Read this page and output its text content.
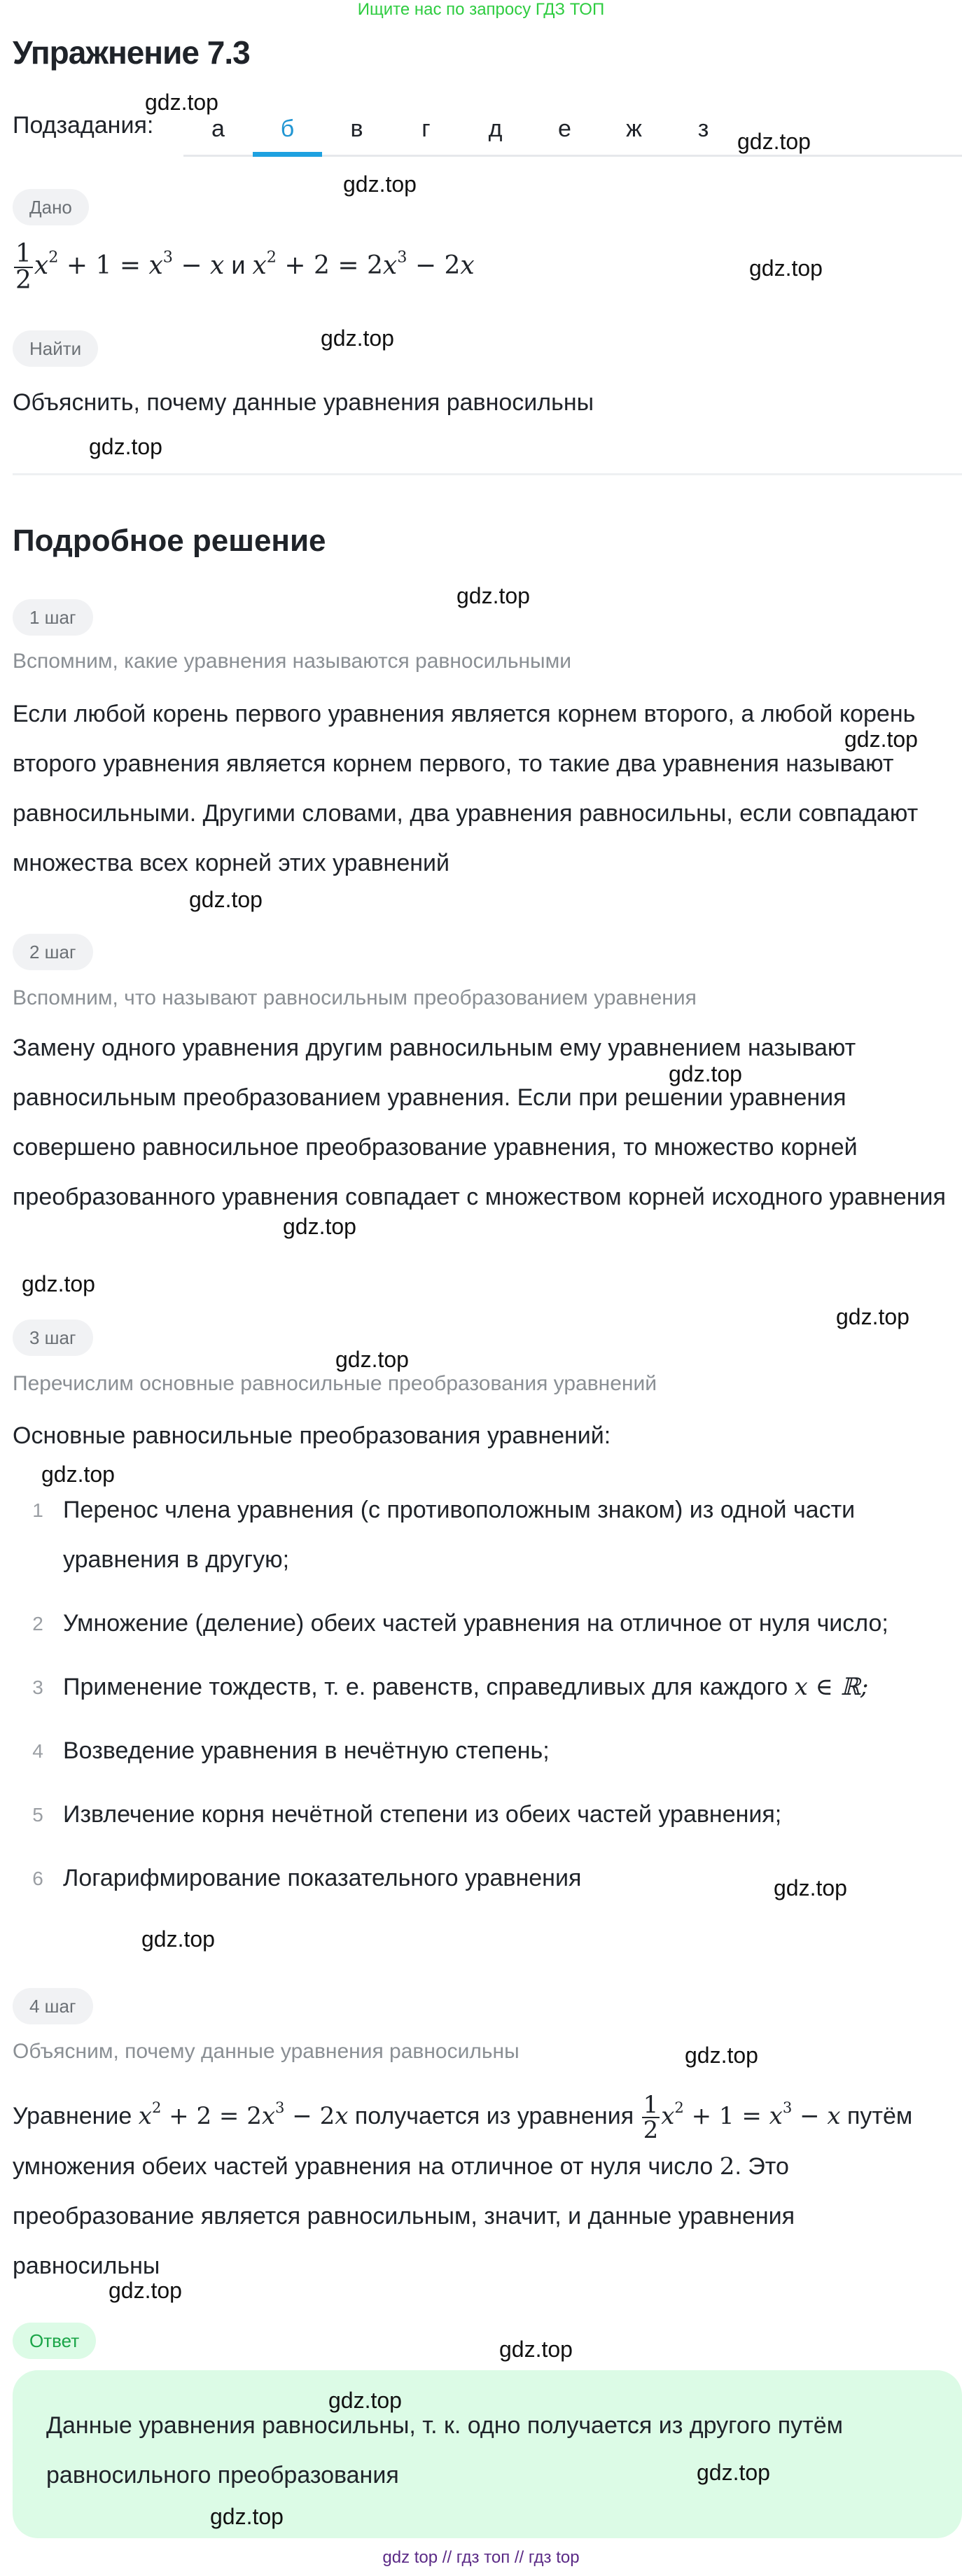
Ищите нас по запросу ГДЗ ТОП
Упражнение 7.3
Подзадания:	а	б	в	г	д	е	ж	з
Дано
$\frac{1}{2} x^2 + 1 = x^3 - x$ и $x^2 + 2 = 2x^3 - 2x$
Найти
Объяснить, почему данные уравнения равносильны
Подробное решение
1 шаг
Вспомним, какие уравнения называются равносильными

Если любой корень первого уравнения является корнем второго, а любой корень второго уравнения является корнем первого, то такие два уравнения называют равносильными. Другими словами, два уравнения равносильны, если совпадают множества всех корней этих уравнений

2 шаг
Вспомним, что называют равносильным преобразованием уравнения

Замену одного уравнения другим равносильным ему уравнением называют равносильным преобразованием уравнения. Если при решении уравнения совершено равносильное преобразование уравнения, то множество корней преобразованного уравнения совпадает с множеством корней исходного уравнения

3 шаг
Перечислим основные равносильные преобразования уравнений
Основные равносильные преобразования уравнений:
1 Перенос члена уравнения (с противоположным знаком) из одной части уравнения в другую;
2 Умножение (деление) обеих частей уравнения на отличное от нуля число;
3 Применение тождеств, т. е. равенств, справедливых для каждого x ∈ ℝ;
4 Возведение уравнения в нечётную степень;
5 Извлечение корня нечётной степени из обеих частей уравнения;
6 Логарифмирование показательного уравнения
4 шаг
Объясним, почему данные уравнения равносильны

Уравнение $x^2 + 2 = 2x^3 - 2x$ получается из уравнения $\frac{1}{2} x^2 + 1 = x^3 - x$ путём умножения обеих частей уравнения на отличное от нуля число 2. Это преобразование является равносильным, значит, и данные уравнения равносильны

Ответ
Данные уравнения равносильны, т. к. одно получается из другого путём равносильного преобразования
gdz.top
gdz.top
gdz.top
gdz.top
gdz.top
gdz.top
gdz.top
gdz.top
gdz.top
gdz.top
gdz.top
gdz.top
gdz.top
gdz.top
gdz.top
gdz.top
gdz.top
gdz.top
gdz.top
gdz.top
gdz.top
gdz.top
gdz.top
gdz top // гдз топ // гдз top
